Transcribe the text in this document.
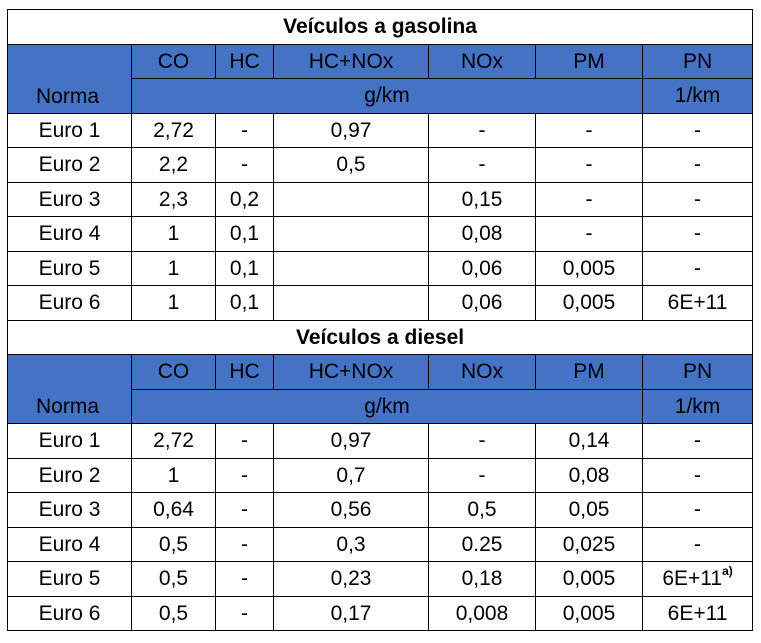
Veículos a gasolina						
Norma	CO	HC	HC+NOx	NOx	PM	PN
	g/km					1/km
Euro 1	2,72	-	0,97	-	-	-
Euro 2	2,2	-	0,5	-	-	-
Euro 3	2,3	0,2		0,15	-	-
Euro 4	1	0,1		0,08	-	-
Euro 5	1	0,1		0,06	0,005	-
Euro 6	1	0,1		0,06	0,005	6E+11
Veículos a diesel						
Norma	CO	HC	HC+NOx	NOx	PM	PN
	g/km					1/km
Euro 1	2,72	-	0,97	-	0,14	-
Euro 2	1	-	0,7	-	0,08	-
Euro 3	0,64	-	0,56	0,5	0,05	-
Euro 4	0,5	-	0,3	0.25	0,025	-
Euro 5	0,5	-	0,23	0,18	0,005	$6E+11^{a)}$
Euro 6	0,5	-	0,17	0,008	0,005	6E+11
